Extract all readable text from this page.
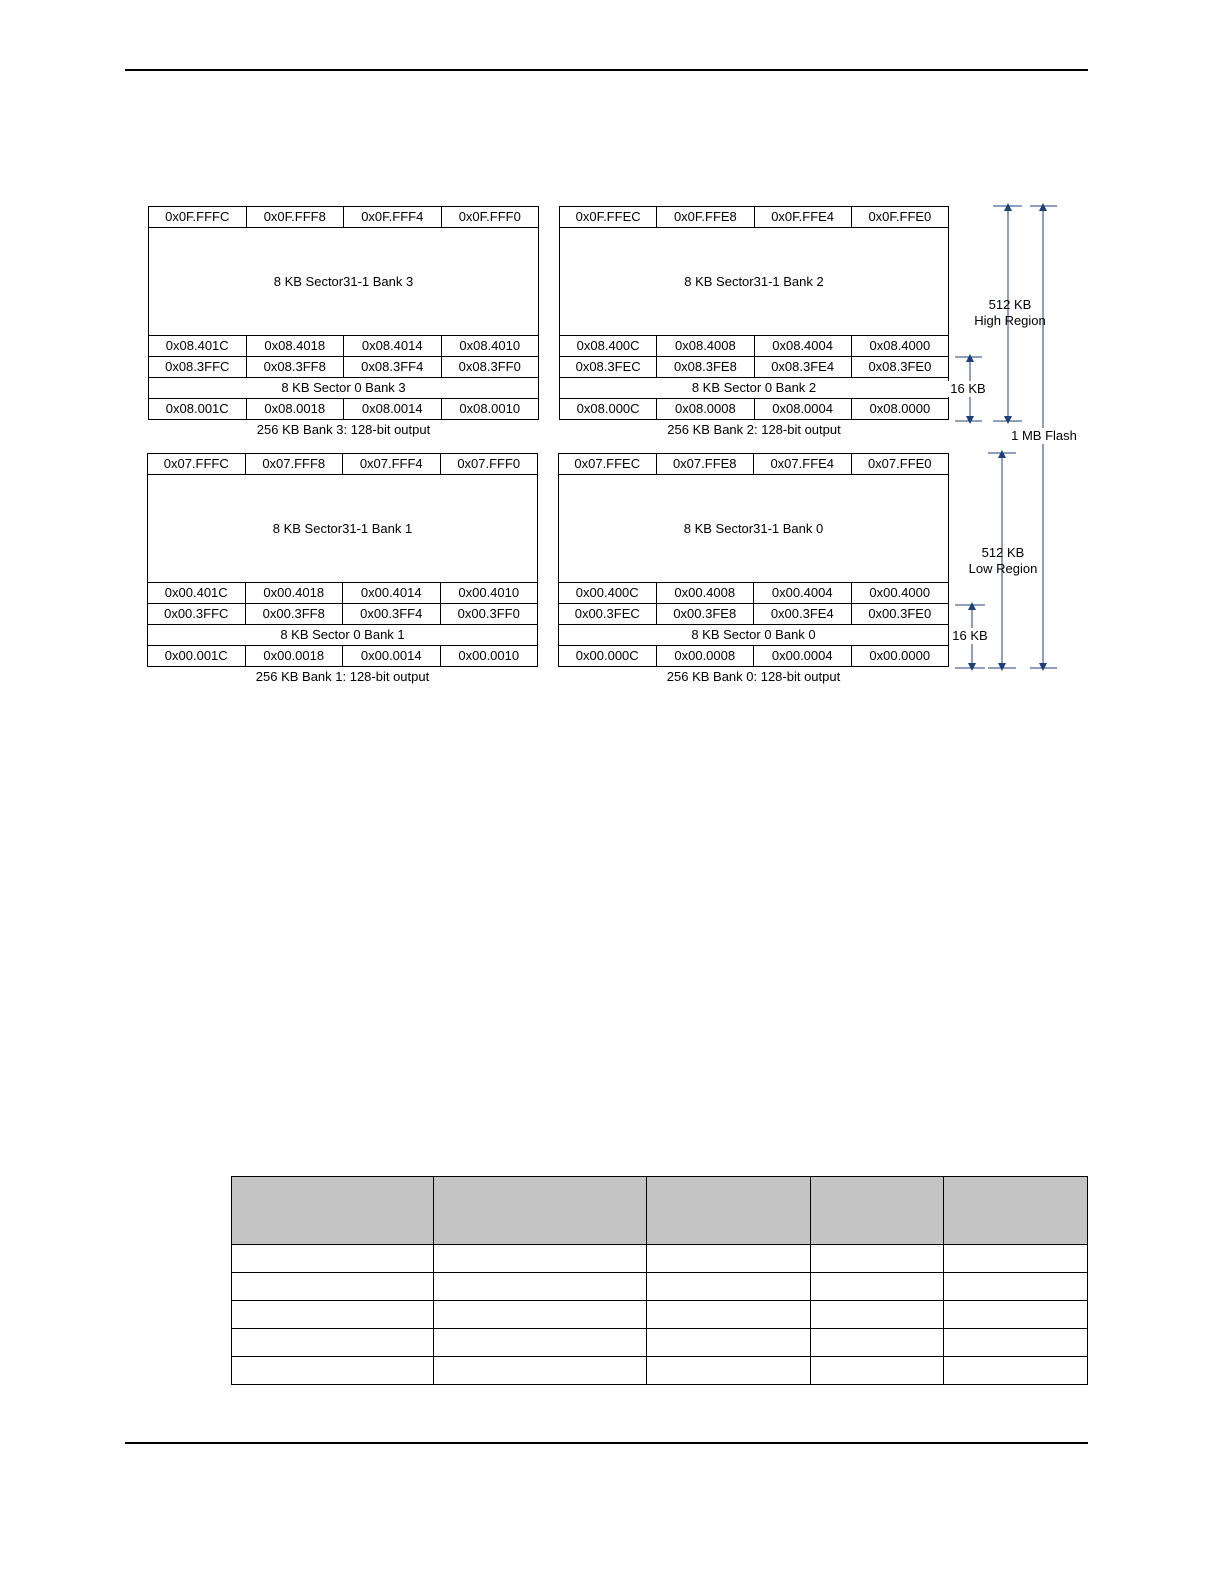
0x0F.FFFC	0x0F.FFF8	0x0F.FFF4	0x0F.FFF0
8 KB Sector31-1 Bank 3			
0x08.401C	0x08.4018	0x08.4014	0x08.4010
0x08.3FFC	0x08.3FF8	0x08.3FF4	0x08.3FF0
8 KB Sector 0 Bank 3			
0x08.001C	0x08.0018	0x08.0014	0x08.0010
256 KB Bank 3: 128-bit output
0x0F.FFEC	0x0F.FFE8	0x0F.FFE4	0x0F.FFE0
8 KB Sector31-1 Bank 2			
0x08.400C	0x08.4008	0x08.4004	0x08.4000
0x08.3FEC	0x08.3FE8	0x08.3FE4	0x08.3FE0
8 KB Sector 0 Bank 2			
0x08.000C	0x08.0008	0x08.0004	0x08.0000
256 KB Bank 2: 128-bit output
0x07.FFFC	0x07.FFF8	0x07.FFF4	0x07.FFF0
8 KB Sector31-1 Bank 1			
0x00.401C	0x00.4018	0x00.4014	0x00.4010
0x00.3FFC	0x00.3FF8	0x00.3FF4	0x00.3FF0
8 KB Sector 0 Bank 1			
0x00.001C	0x00.0018	0x00.0014	0x00.0010
256 KB Bank 1: 128-bit output
0x07.FFEC	0x07.FFE8	0x07.FFE4	0x07.FFE0
8 KB Sector31-1 Bank 0			
0x00.400C	0x00.4008	0x00.4004	0x00.4000
0x00.3FEC	0x00.3FE8	0x00.3FE4	0x00.3FE0
8 KB Sector 0 Bank 0			
0x00.000C	0x00.0008	0x00.0004	0x00.0000
256 KB Bank 0: 128-bit output
512 KB
High Region
512 KB
Low Region
16 KB
16 KB
1 MB Flash
